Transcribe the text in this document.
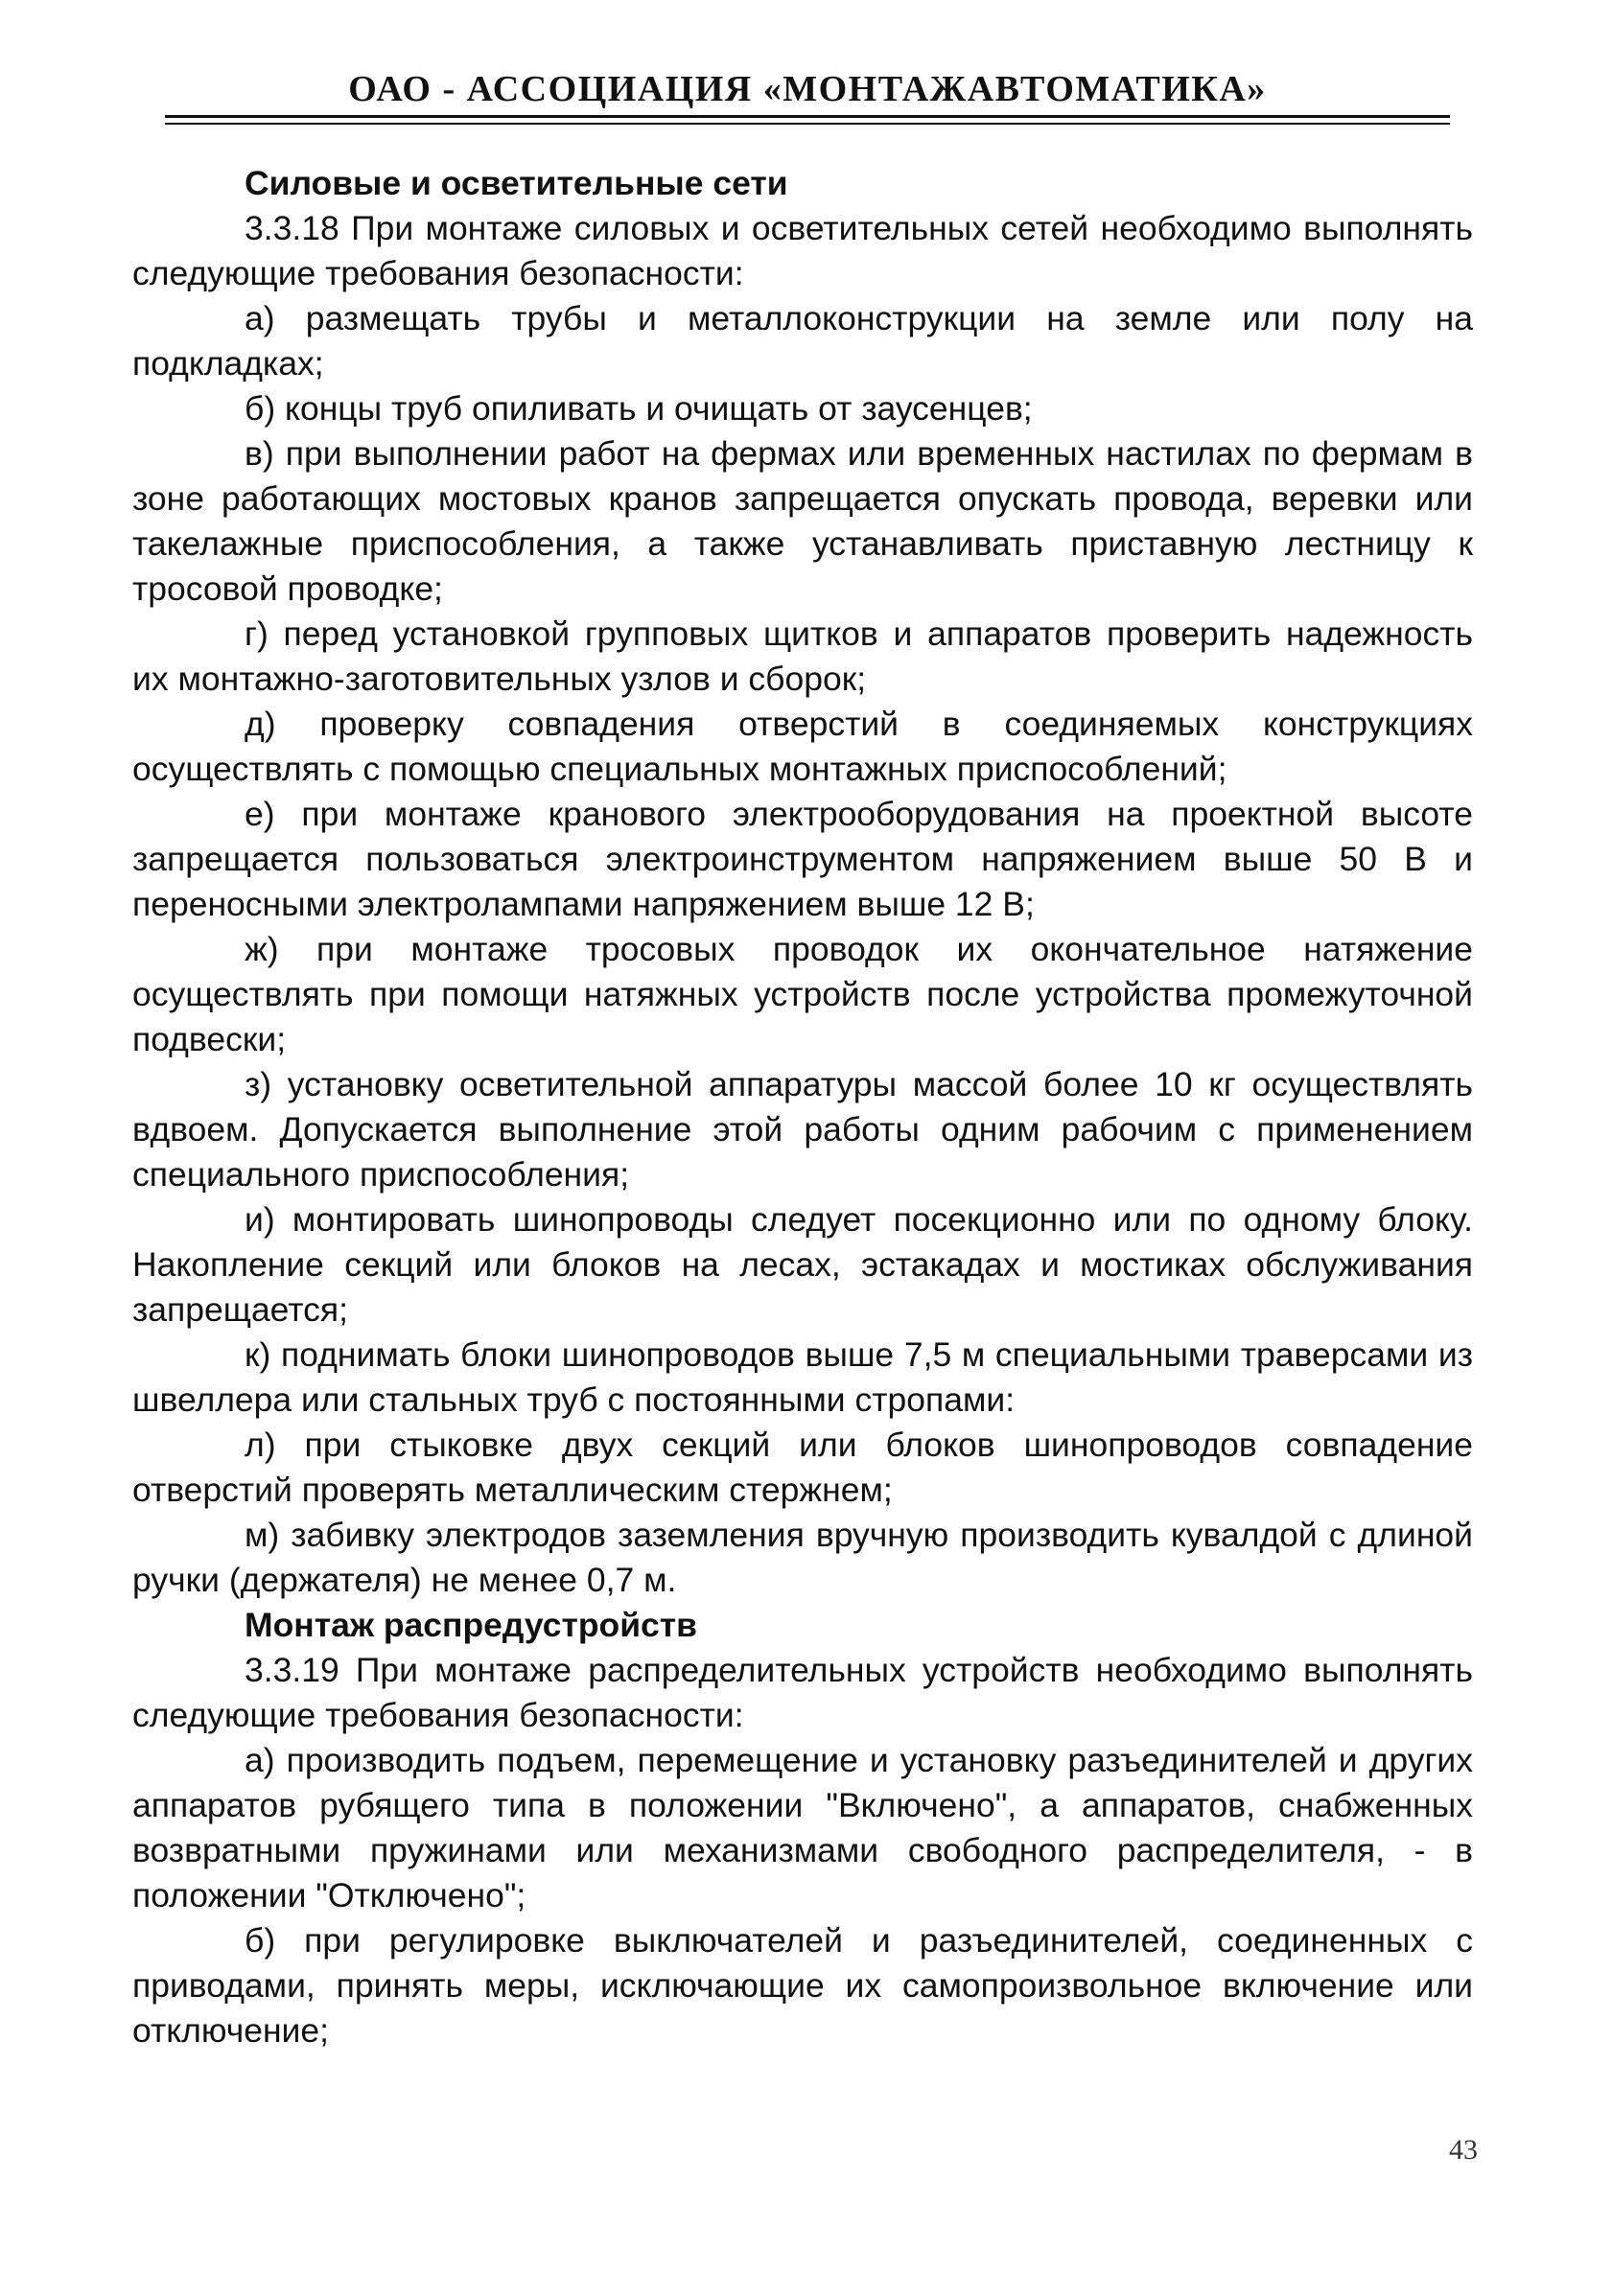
ОАО - АССОЦИАЦИЯ «МОНТАЖАВТОМАТИКА»

Силовые и осветительные сети

3.3.18 При монтаже силовых и осветительных сетей необходимо выполнять следующие требования безопасности:

а) размещать трубы и металлоконструкции на земле или полу на подкладках;

б) концы труб опиливать и очищать от заусенцев;

в) при выполнении работ на фермах или временных настилах по фермам в зоне работающих мостовых кранов запрещается опускать провода, веревки или такелажные приспособления, а также устанавливать приставную лестницу к тросовой проводке;

г) перед установкой групповых щитков и аппаратов проверить надежность их монтажно-заготовительных узлов и сборок;

д) проверку совпадения отверстий в соединяемых конструкциях осуществлять с помощью специальных монтажных приспособлений;

е) при монтаже кранового электрооборудования на проектной высоте запрещается пользоваться электроинструментом напряжением выше 50 В и переносными электролампами напряжением выше 12 В;

ж) при монтаже тросовых проводок их окончательное натяжение осуществлять при помощи натяжных устройств после устройства промежуточной подвески;

з) установку осветительной аппаратуры массой более 10 кг осуществлять вдвоем. Допускается выполнение этой работы одним рабочим с применением специального приспособления;

и) монтировать шинопроводы следует посекционно или по одному блоку. Накопление секций или блоков на лесах, эстакадах и мостиках обслуживания запрещается;

к) поднимать блоки шинопроводов выше 7,5 м специальными траверсами из швеллера или стальных труб с постоянными стропами:

л) при стыковке двух секций или блоков шинопроводов совпадение отверстий проверять металлическим стержнем;

м) забивку электродов заземления вручную производить кувалдой с длиной ручки (держателя) не менее 0,7 м.

Монтаж распредустройств

3.3.19 При монтаже распределительных устройств необходимо выполнять следующие требования безопасности:

а) производить подъем, перемещение и установку разъединителей и других аппаратов рубящего типа в положении "Включено", а аппаратов, снабженных возвратными пружинами или механизмами свободного распределителя, - в положении "Отключено";

б) при регулировке выключателей и разъединителей, соединенных с приводами, принять меры, исключающие их самопроизвольное включение или отключение;

43
